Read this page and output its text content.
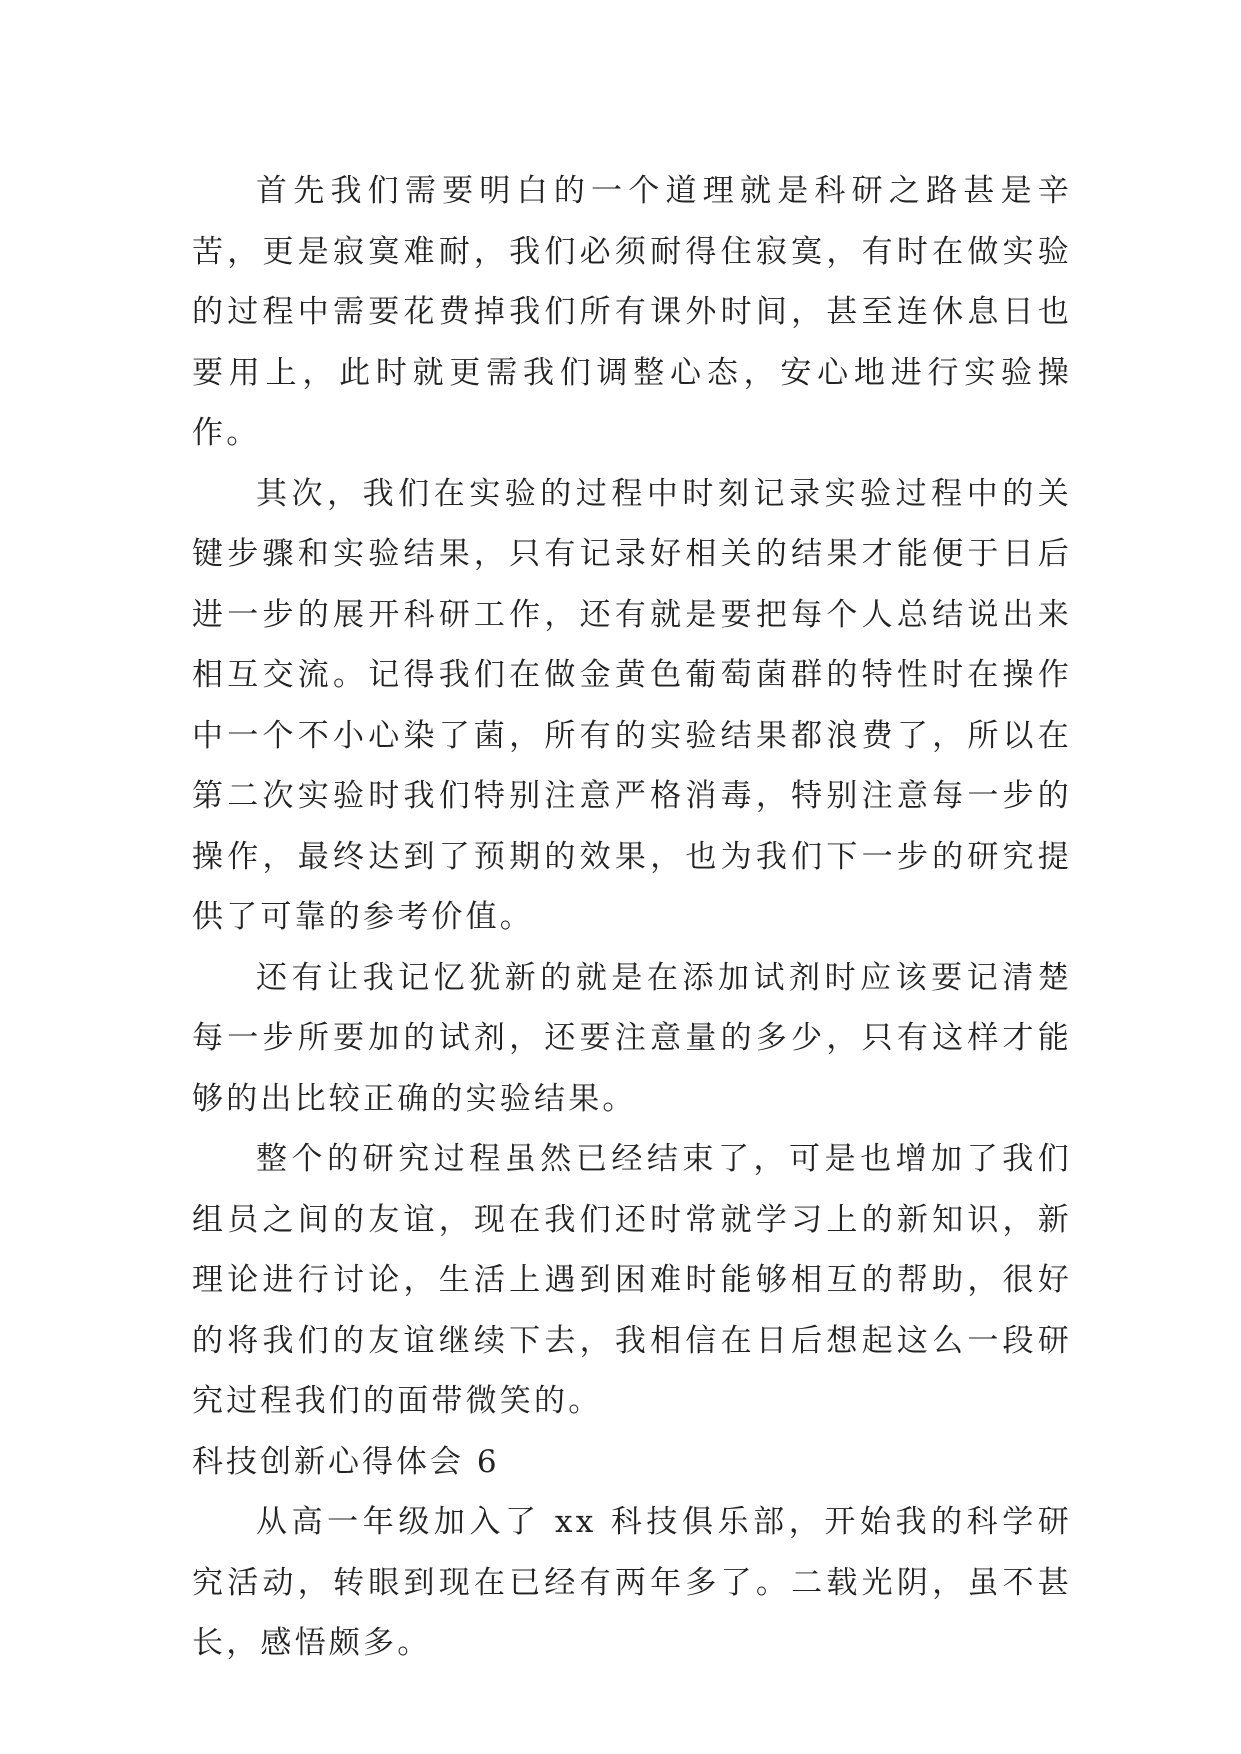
首先我们需要明白的一个道理就是科研之路甚是辛苦，更是寂寞难耐，我们必须耐得住寂寞，有时在做实验的过程中需要花费掉我们所有课外时间，甚至连休息日也要用上，此时就更需我们调整心态，安心地进行实验操作。

其次，我们在实验的过程中时刻记录实验过程中的关键步骤和实验结果，只有记录好相关的结果才能便于日后进一步的展开科研工作，还有就是要把每个人总结说出来相互交流。记得我们在做金黄色葡萄菌群的特性时在操作中一个不小心染了菌，所有的实验结果都浪费了，所以在第二次实验时我们特别注意严格消毒，特别注意每一步的操作，最终达到了预期的效果，也为我们下一步的研究提供了可靠的参考价值。

还有让我记忆犹新的就是在添加试剂时应该要记清楚每一步所要加的试剂，还要注意量的多少，只有这样才能够的出比较正确的实验结果。

整个的研究过程虽然已经结束了，可是也增加了我们组员之间的友谊，现在我们还时常就学习上的新知识，新理论进行讨论，生活上遇到困难时能够相互的帮助，很好的将我们的友谊继续下去，我相信在日后想起这么一段研究过程我们的面带微笑的。

科技创新心得体会 6

从高一年级加入了 xx 科技俱乐部，开始我的科学研究活动，转眼到现在已经有两年多了。二载光阴，虽不甚长，感悟颇多。
